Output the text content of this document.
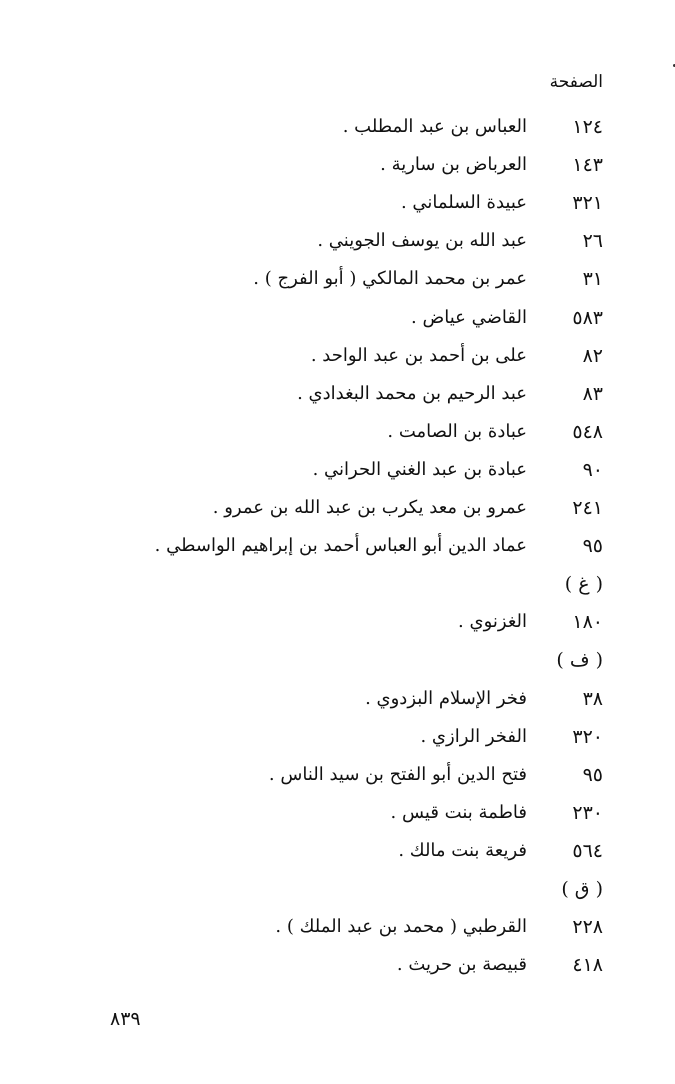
الصفحة
١٢٤
العباس بن عبد المطلب .
١٤٣
العرباض بن سارية .
٣٢١
عبيدة السلماني .
٢٦
عبد الله بن يوسف الجويني .
٣١
عمر بن محمد المالكي ( أبو الفرج ) .
٥٨٣
القاضي عياض .
٨٢
على بن أحمد بن عبد الواحد .
٨٣
عبد الرحيم بن محمد البغدادي .
٥٤٨
عبادة بن الصامت .
٩٠
عبادة بن عبد الغني الحراني .
٢٤١
عمرو بن معد يكرب بن عبد الله بن عمرو .
٩٥
عماد الدين أبو العباس أحمد بن إبراهيم الواسطي .
( غ )
١٨٠
الغزنوي .
( ف )
٣٨
فخر الإسلام البزدوي .
٣٢٠
الفخر الرازي .
٩٥
فتح الدين أبو الفتح بن سيد الناس .
٢٣٠
فاطمة بنت قيس .
٥٦٤
فريعة بنت مالك .
( ق )
٢٢٨
القرطبي ( محمد بن عبد الملك ) .
٤١٨
قبيصة بن حريث .
٨٣٩
